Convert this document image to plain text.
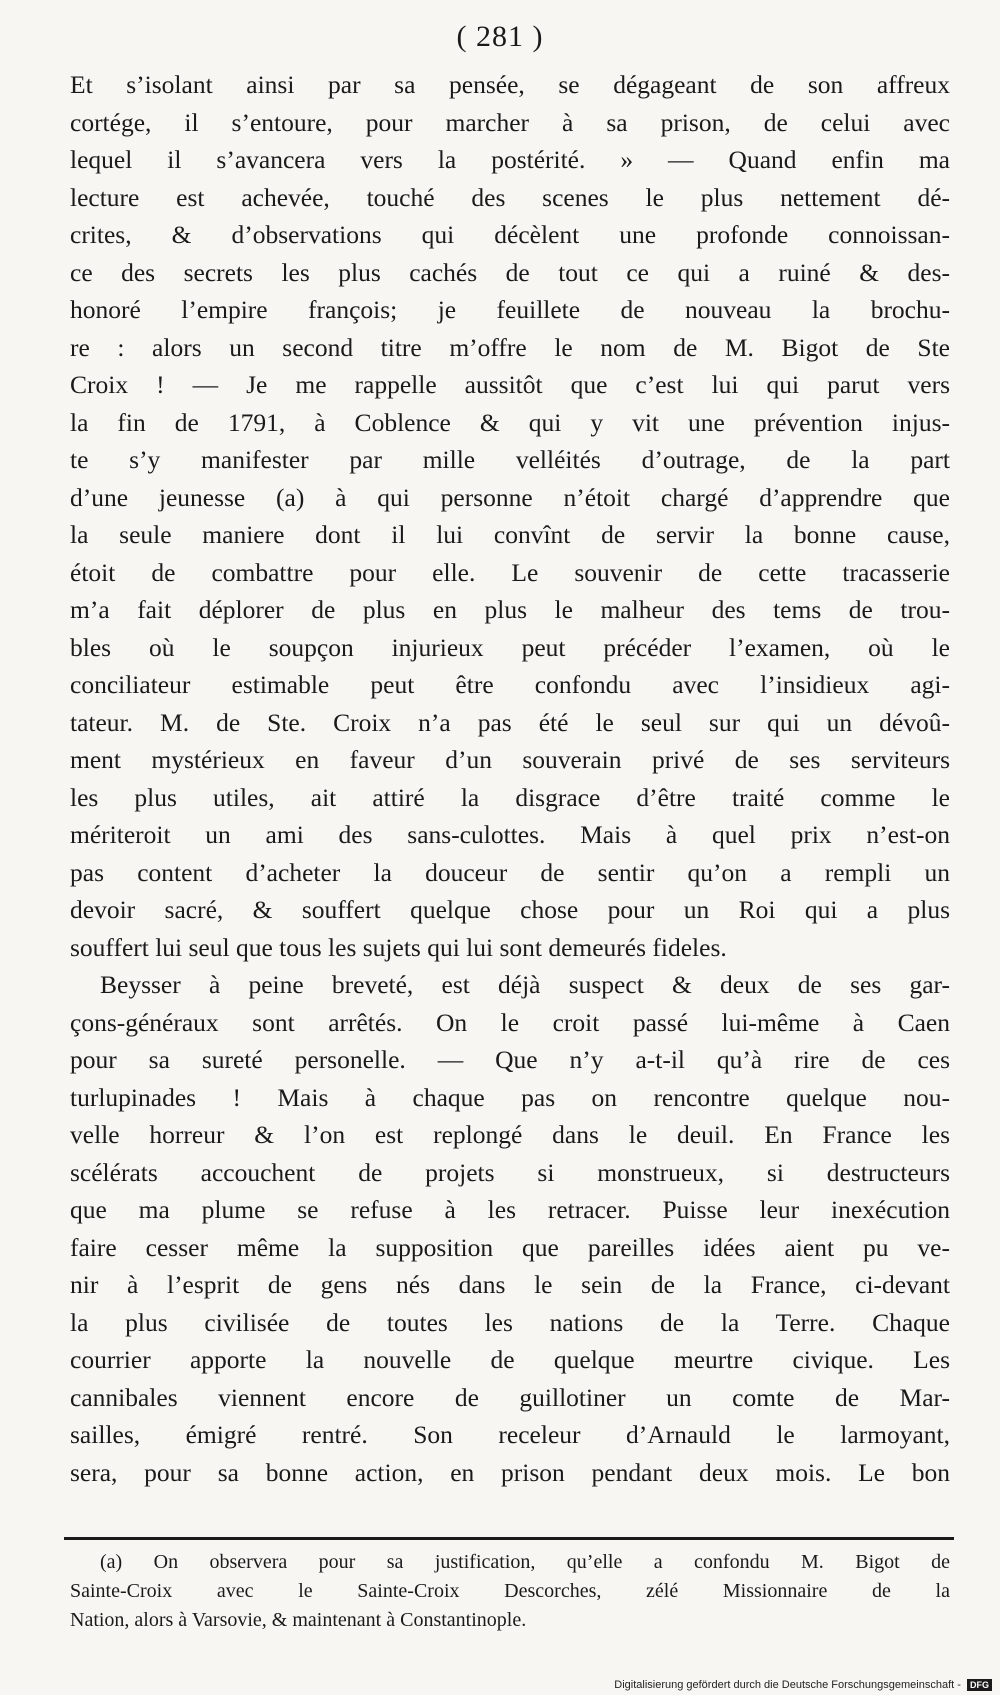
( 281 )
Et s’isolant ainsi par sa pensée, se dégageant de son affreux
cortége, il s’entoure, pour marcher à sa prison, de celui avec
lequel il s’avancera vers la postérité. » — Quand enfin ma
lecture est achevée, touché des scenes le plus nettement dé-
crites, & d’observations qui décèlent une profonde connoissan-
ce des secrets les plus cachés de tout ce qui a ruiné & des-
honoré l’empire françois; je feuillete de nouveau la brochu-
re : alors un second titre m’offre le nom de M. Bigot de Ste
Croix ! — Je me rappelle aussitôt que c’est lui qui parut vers
la fin de 1791, à Coblence & qui y vit une prévention injus-
te s’y manifester par mille velléités d’outrage, de la part
d’une jeunesse (a) à qui personne n’étoit chargé d’apprendre que
la seule maniere dont il lui convînt de servir la bonne cause,
étoit de combattre pour elle. Le souvenir de cette tracasserie
m’a fait déplorer de plus en plus le malheur des tems de trou-
bles où le soupçon injurieux peut précéder l’examen, où le
conciliateur estimable peut être confondu avec l’insidieux agi-
tateur. M. de Ste. Croix n’a pas été le seul sur qui un dévoû-
ment mystérieux en faveur d’un souverain privé de ses serviteurs
les plus utiles, ait attiré la disgrace d’être traité comme le
mériteroit un ami des sans-culottes. Mais à quel prix n’est-on
pas content d’acheter la douceur de sentir qu’on a rempli un
devoir sacré, & souffert quelque chose pour un Roi qui a plus
souffert lui seul que tous les sujets qui lui sont demeurés fideles.
Beysser à peine breveté, est déjà suspect & deux de ses gar-
çons-généraux sont arrêtés. On le croit passé lui-même à Caen
pour sa sureté personelle. — Que n’y a-t-il qu’à rire de ces
turlupinades ! Mais à chaque pas on rencontre quelque nou-
velle horreur & l’on est replongé dans le deuil. En France les
scélérats accouchent de projets si monstrueux, si destructeurs
que ma plume se refuse à les retracer. Puisse leur inexécution
faire cesser même la supposition que pareilles idées aient pu ve-
nir à l’esprit de gens nés dans le sein de la France, ci-devant
la plus civilisée de toutes les nations de la Terre. Chaque
courrier apporte la nouvelle de quelque meurtre civique. Les
cannibales viennent encore de guillotiner un comte de Mar-
sailles, émigré rentré. Son receleur d’Arnauld le larmoyant,
sera, pour sa bonne action, en prison pendant deux mois. Le bon
(a) On observera pour sa justification, qu’elle a confondu M. Bigot de
Sainte-Croix avec le Sainte-Croix Descorches, zélé Missionnaire de la
Nation, alors à Varsovie, & maintenant à Constantinople.
Digitalisierung gefördert durch die Deutsche Forschungsgemeinschaft - DFG
